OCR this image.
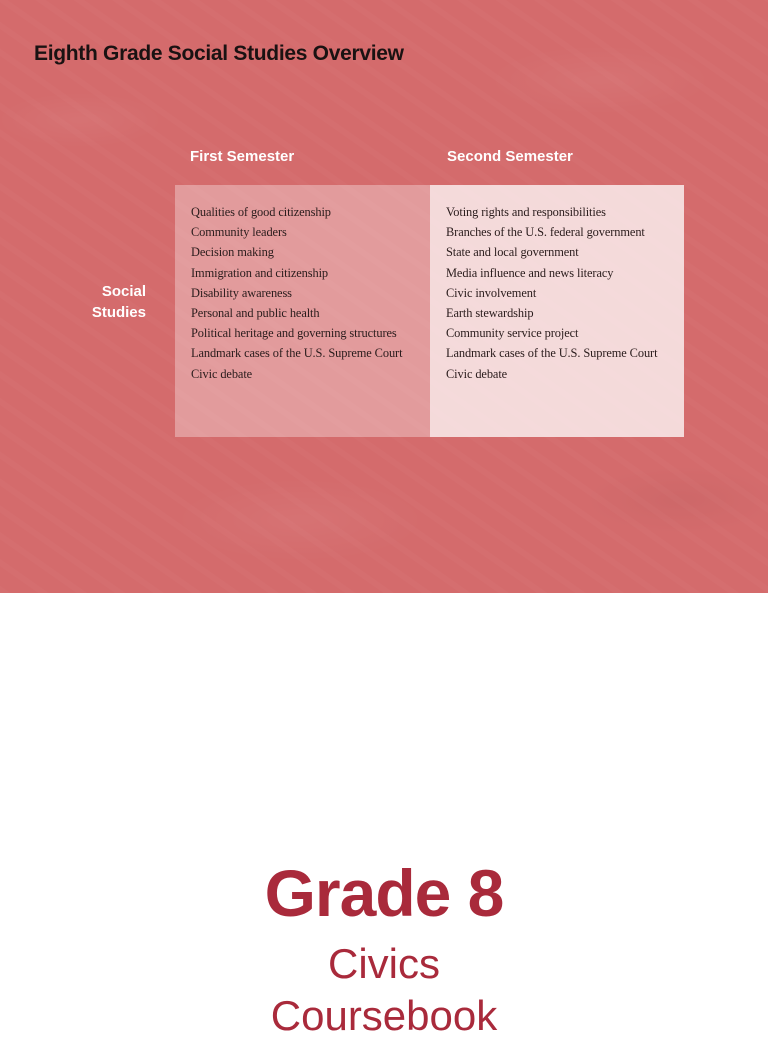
Eighth Grade Social Studies Overview
First Semester	Second Semester
Social
Studies
Qualities of good citizenship
Community leaders
Decision making
Immigration and citizenship
Disability awareness
Personal and public health
Political heritage and governing structures
Landmark cases of the U.S. Supreme Court
Civic debate
Voting rights and responsibilities
Branches of the U.S. federal government
State and local government
Media influence and news literacy
Civic involvement
Earth stewardship
Community service project
Landmark cases of the U.S. Supreme Court
Civic debate
Grade 8
Civics
Coursebook
